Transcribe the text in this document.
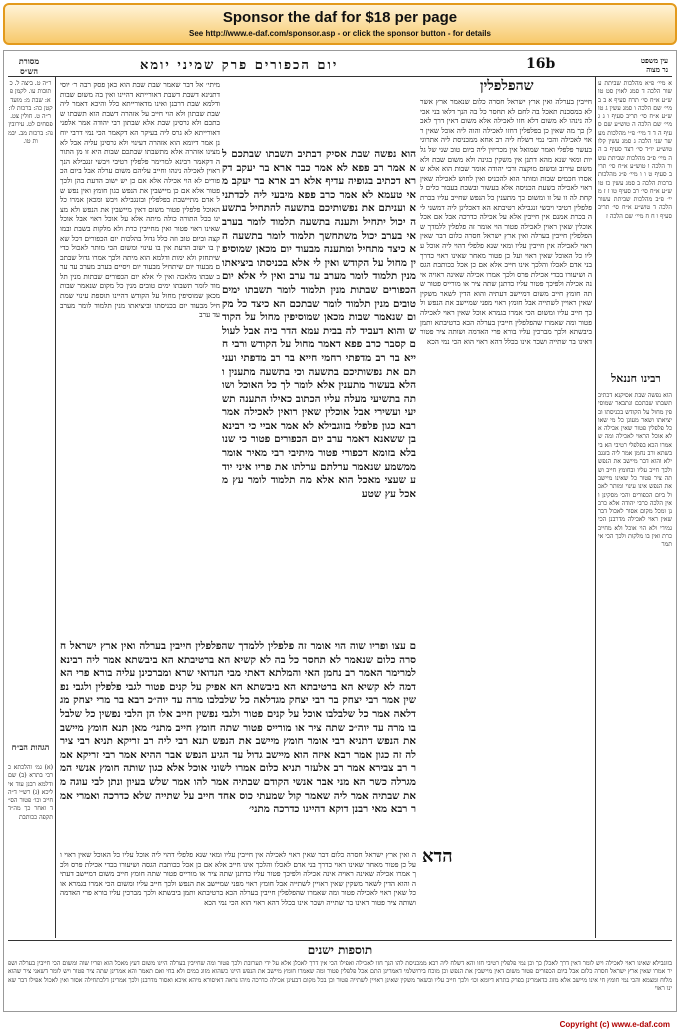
Sponsor the daf for $18 per page
See http://www.e-daf.com/sponsor.asp - or click the sponsor button - for details
עין משפט
נר מצוה
מסורת
הש״ס	16b
יום הכפורים פרק שמיני יומא
א מיי׳ פ״א מהלכות שביתת עשור הלכה ד סמג לאוין סט טוש״ע א״ח סי׳ תרח סעיף א ב ב מיי׳ שם הלכה ו סמג עשין ג טוש״ע א״ח סי׳ תריב סעיף ו ג ג מיי׳ שם הלכה ה טוש״ע שם סעיף ה ד ד מיי׳ פ״י מהלכות מעשר שני הלכה ג סמג עשין קלו טוש״ע יו״ד סי׳ רצד סעיף ב ה ה מיי׳ פ״ב מהלכות שביתת עשור הלכה ו טוש״ע א״ח סי׳ תריב סעיף ט ו ו מיי׳ פ״ג מהלכות ברכות הלכה ב סמג עשין כז טוש״ע א״ח סי׳ רב סעיף טו ז ז מיי׳ פ״ב מהלכות שביתת עשור הלכה ד טוש״ע א״ח סי׳ תריב סעיף ו ח ח מיי׳ שם הלכה ז
רבינו חננאל
הוא נפשה שבת אסיקנא דכתיב תשבתו שבתכם ונתבאר שמוסיפין מחול על הקודש בכניסתו וביציאתו ושאר מעונן כל מי שאוכל פלפלין פטור שאין אכילה אלא אוכל הראוי לאכילה ומה שאמרו הכא בפלפלי רטיבי הא ביבשתא ורב נחמן אמר ליה בזנגבילא והוא דבר מיישב את הנפש ולכך חייב עליו ובחומץ חייב ושתה ציר פטור כל שאינו מיישב את הנפש אינו עינוי ומותר לאכול ביום הכפורים והכי מסקינן ואין הלכה כרבי יהודה אלא כרבנן ומכל מקום אסור לאכול דבר שאין ראוי לאכילה מדרבנן הכי גמירי ולא הוי אוכל ולא מחייב כרת ואין בו מלקות ולכך הכי איתמר
ר״ה ט. ביצה ל. כתובות עו. לקמן פא: שבת מ: מועד קטן כה: ברכות לו: ר״ה ט. חולין צט. פסחים לט. עירובין נה: ברכות מב. יבמות טו.
הגהות הב״ח
(א) גמ׳ והלכתא כרבי בתרא (ב) שם ודלמא רבנן עוד אי ליכא (ג) רש״י ד״ה חייב וכו׳ פטור הס״ד ואחר כך מה״ד תקפה ככותבת
שהפלפלין
חייבין בערלה ואין ארץ ישראל חסרה כלום שנאמר ארץ אשר לא במסכנת תאכל בה לחם לא תחסר כל בה הנך דלאו בני אכילה נינהו לא משום דלא חזו לאכילה אלא משום דאין דרך לאכלן כך מה שאין כן בפלפלין דחזו לאכילה והוה ליה אוכל שאין ראוי לאכילה והכי נמי דשלח ליה רב אחא ממכניסת ליה אתרוגי בעשר פלפלי ואמר שמואל אין מכריזין ליה ביום טוב שני של גליות ומאי שנא מהא דתנן אין משקין בגינה ולא משום שבת ולא משום עירוב ומשום מוקצה ורבי יהודה אומר שבות הוא אלא שאסרו חכמים שבות ומותר הוא להכניס ואין לחוש לאכילה שאין ראוי לאכילה בשעת הכניסה אלא בעשור ובשבת בעבור כלים לקחת לה זו על זו ומשום כך מתענין כל הנפש שחייב עליו בכרת פלפלין רטיבי ויבשי זנגבילא רטיבתא הא דאכלינן ליה דמשני ליה בכרת אמנם אין חייבין אלא על אכילה כדרכה אבל אם אכל אוכלין שאין ראוין לאכילה פטור הוי אומר זה פלפלין ללמדך שהפלפלין חייבין בערלה ואין ארץ ישראל חסרה כלום דבר שאין ראוי לאכילה אין חייבין עליו ומאי שנא פלפלי דהוי ליה אוכל עליו כל האוכל שאין ראוי ועל כן פטור מאחר שאינו ראוי כדרך בני אדם לאכלו והלכך אינו חייב אלא אם כן אכל ככותבת הגסה ושיעורו בכדי אכילת פרס ולכך אמרו אכילה שאינה ראויה אינה אכילה ולפיכך פטור עליו כדתנן שתה ציר או מורייס פטור שתה חומץ חייב משום דמיישב דעתיה והוא הדין לשאר משקין שאין ראויין לשתייה אבל חומץ ראוי מפני שמיישב את הנפש ולכך חייב עליו ומשום הכי אמרו בגמרא אוכל שאין ראוי לאכילה פטור ומה שאמרו שהפלפלין חייבין בערלה הכא ברטיבתא ותמן ביבשתא ולכך מברכין עליו בורא פרי האדמה ושותה ציר פטור דאינו בר שתייה ושכר אינו בכלל דהא ראוי הוא הכי נמי הכא
מיתי׳ אל דבר שאמר שבת שבת הוא כאן פסק רבה ר׳ יוסי דתנינא דשבת דשבת דאורייתא דהיינו ואין בה משום שבות ודלמא שבת דרבנן ואינו מדאורייתא כלל והיכא דאמר ליה שבת שבתון ולא הוי חייב על אזהרה דשבת הוא תשבתו שבתכם ולא גרסינן שבת אלא שבתון רבי יהודה אמר אלפני דאורייתא לא גרס ליה בעיקר הא דקאמר הכי נמי דרבי יוחנן אמר דיומא הוא אזהרה דעינוי ולא גרסינן עליה אבל לא מצינו אזהרה אלא מתשבתו שבתכם שבות היא זו מן התורה דקאמר רבינא למרימר פלפלין רטיבי ויבשי זנגבילא הנך ראוין לאכילה נינהו וחייב עליהם משום ערלה אבל ביום הכפורים לא הוי אכילה אלא אם כן יש ישוב הדעת בהן ולכך פטור אלא אם כן מיישבין את הנפש כגון חומץ ואין נפש של אדם מתיישבת בפלפלין ובזנגבילא ויבש ומכאן אמרו כל האוכל פלפלין פטור משום דאין מיישבין את הנפש ולא מצינו בכל התורה כולה מיתה אלא על אוכל ראוי אבל אוכל שאינו ראוי פטור ואין מחייבין כרת ולא מלקות בשבת ובמוקצה וביום טוב וזה כלל גדול בהלכות יום הכפורים דכל שאין בו ישוב הדעת אין בו עינוי ומשום הכי מותר לאכול כדי שיתחזק ולא ימות ודלמא הוא מיתה ולכך אמרו גדול שבתכם מבעוד יום שיתחיל מבעוד יום ויסיים בערב מערב עד ערב שבתו מלאכה ואין לי אלא יום הכפורים שבתות מנין תלמוד לומר תשבתו ימים טובים מנין כל מקום שנאמר שבות מכאן שמוסיפין מחול על הקודש דהיינו תוספת עינוי שמתחיל מבעוד יום בכניסתו וביציאתו מנין תלמוד לומר מערב עד ערב
הוא נפשה שבת אסיק דבתיב תשבתו שבתכם לא אמר רב פפא לא אמר כבר ארא בר יעקב דקרא דכתיב בגופיה עדיף אלא רב ארא בר יעקב מאי טעמא לא אמר כרב פפא מיבעי ליה לכדתניא ועניתם את נפשותיכם בתשעה להתחיל בתשעה יכול יתחיל ותענה בתשעה תלמוד לומר בערב אי בערב יכול משתחשך תלמוד לומר בתשעה הא כיצד מתחיל ומתענה מבעוד יום מכאן שמוסיפין מחול על הקודש ואין לי אלא בכניסתו ביציאתו מנין תלמוד לומר מערב עד ערב ואין לי אלא יום הכפורים שבתות מנין תלמוד לומר תשבתו ימים טובים מנין תלמוד לומר שבתכם הא כיצד כל מקום שנאמר שבות מכאן שמוסיפין מחול על הקודש והוא דעביד לה בבית עמא הדר ביה אבל לעולם קסבר כרב פפא דאמר מחול על הקודש ורבי חייא בר רב מדפתי רחמי חייא בר רב מדפתי ועניתם את נפשותיכם בתשעה וכי בתשעה מתענין והלא בעשור מתענין אלא לומר לך כל האוכל ושותה בתשיעי מעלה עליו הכתוב כאילו התענה תשיעי ועשירי אבל אוכלין שאין רואין לאכילה אמר רבא כגון פלפלי בזוגבילא לא אמר אביי כי רבינא בן ששאנא דאמר ערב יום הכפורים פטור כי שנובלא בזומא דכפורי פטור מיתיבי רבי מאיר אומר ממשמע שנאמר ערלתם ערלתו את פריו איני יודע שעצי מאכל הוא אלא מה תלמוד לומר עץ מאכל עץ שטע
ם עצו ופריו שוה הוי אומר זה פלפלין ללמדך שהפלפלין חייבין בערלה ואין ארץ ישראל חסרה כלום שנאמר לא תחסר כל בה לא קשיא הא ברטיבתא הא ביבשתא אמר ליה רבינא למרימר האמר רב נחמן האי והמלתא דאתי מבי הנדואי שרא ומברכינן עליה בורא פרי האדמה לא קשיא הא ברטיבתא הא ביבשתא הא אפיק על קנים פטור לגבי פלפלין ולגבי נפשין אמר רבי יצחק בר רבי יצחק מגדלאה כל שלבלבו מרה עד יוה״כ רבא בר מרי יצחק מגדלאה אמר כל שלבלבו אוכל על קנים פטור ולגבי נפשין חייב אלו הן הלבי נפשין כל שלבלבו מרה עד יוה״כ שתה ציר או מורייס פטור שתה חומץ חייב מתני׳ מאן תנא חומץ מיישב את הנפש דתניא רבי אומר חומץ מיישב את הנפש תנא רבי ליה רב זריקא תניא רבי ציר לה זה כגון אמר רבא איזה הוא מיישב גדול עד הגיע הנפש אבר ההיא אמר רבי זריקא אמר רב צבירא אמר רב אלעזר תניא כלום אמרו לשוני אוכל אלא כגון שותה חומץ אנשי הממגרלה כשר הא מני אבר אנשי הקודם שבתיה אמר להו אמר שלש בעיון ונתן לבי עוגה מאת שבתיה אמר ליה שאמר קול שמעתי כוס אחד חייב על שתייה שלא כדרכה ואמרי אמר רבא מאי רבנן דוקא דהיינו כדרכה מתני׳
הדא
ה ואין ארץ ישראל חסרה כלום דבר שאין ראוי לאכילה אין חייבין עליו ומאי שנא פלפלי דהוי ליה אוכל עליו כל האוכל שאין ראוי ועל כן פטור מאחר שאינו ראוי כדרך בני אדם לאכלו והלכך אינו חייב אלא אם כן אכל ככותבת הגסה ושיעורו בכדי אכילת פרס ולכך אמרו אכילה שאינה ראויה אינה אכילה ולפיכך פטור עליו כדתנן שתה ציר או מורייס פטור שתה חומץ חייב משום דמיישב דעתיה והוא הדין לשאר משקין שאין ראויין לשתייה אבל חומץ ראוי מפני שמיישב את הנפש ולכך חייב עליו ומשום הכי אמרו בגמרא אוכל שאין ראוי לאכילה פטור ומה שאמרו שהפלפלין חייבין בערלה הכא ברטיבתא ותמן ביבשתא ולכך מברכין עליו בורא פרי האדמה ושותה ציר פטור דאינו בר שתייה ושכר אינו בכלל דהא ראוי הוא הכי נמי הכא
תוספות ישנים
בזוגבילא שאינו ראוי לאכילה ויש לומר דאין דרך לאכלן כך וכן נמי פלפלין רטיבי חזו והא דשלח ליה רבא ממכניסת להו הנך חזו לאכילה ואפילו הכי אין דרך לאכלן אלא על ידי תערובת ולכך פטור ומה שחייבין בערלה היינו משום דעץ מאכל הוא ופריו שוה ומשום הכי חייבין בערלה ושפיר אמרו שאין ארץ ישראל חסרה כלום אבל ביום הכפורים פטור משום דאין מיישבין את הנפש וכן מוכח בירושלמי דאמרינן התם אכל פלפלין פטור ומה שאמרו חומץ מיישב את הנפש היינו כשהוא מזוג במים ולא בחי ואם תאמר והא אמרינן שתה ציר פטור ויש לומר דשאני ציר שהוא מלוח ומצמא והכי נמי חומץ חי אינו מיישב אלא מזוג כדאמרינן בפרק בתרא דיומא וכו׳ ולכך חייב עליו ובשאר משקין שאינן ראויין לשתייה פטור וכן בכל מקום דבעינן אכילה כדרכה מיהו נראה דאיסורא מיהא איכא ואסור מדרבנן ולכך אמרינן דלכתחילה אסור ואין לאכול אפילו דבר שאינו ראוי
Copyright (c) www.e-daf.com
